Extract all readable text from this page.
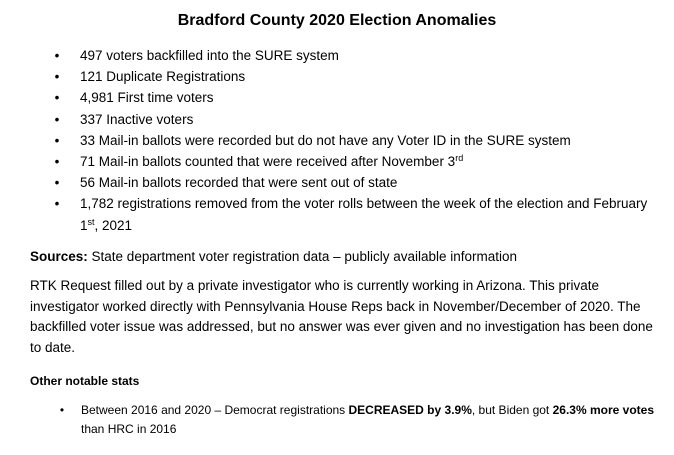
Bradford County 2020 Election Anomalies
• 497 voters backfilled into the SURE system
• 121 Duplicate Registrations
• 4,981 First time voters
• 337 Inactive voters
• 33 Mail-in ballots were recorded but do not have any Voter ID in the SURE system
• 71 Mail-in ballots counted that were received after November 3rd
• 56 Mail-in ballots recorded that were sent out of state
• 1,782 registrations removed from the voter rolls between the week of the election and February 1st, 2021
Sources: State department voter registration data – publicly available information

RTK Request filled out by a private investigator who is currently working in Arizona. This private investigator worked directly with Pennsylvania House Reps back in November/December of 2020. The backfilled voter issue was addressed, but no answer was ever given and no investigation has been done to date.

Other notable stats
• Between 2016 and 2020 – Democrat registrations DECREASED by 3.9%, but Biden got 26.3% more votes than HRC in 2016
